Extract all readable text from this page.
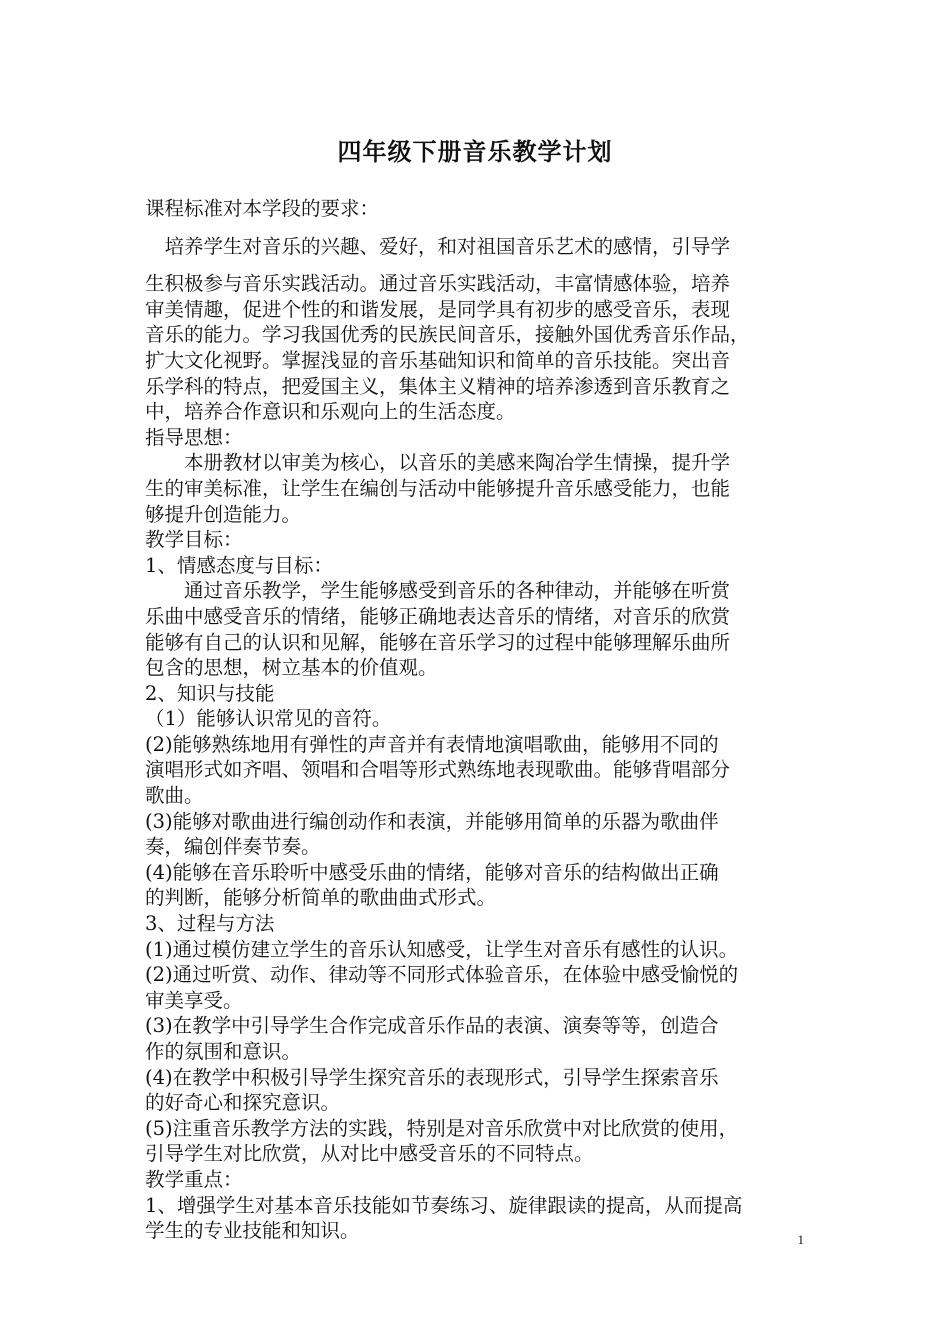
四年级下册音乐教学计划

课程标准对本学段的要求：

　培养学生对音乐的兴趣、爱好，和对祖国音乐艺术的感情，引导学

生积极参与音乐实践活动。通过音乐实践活动，丰富情感体验，培养

审美情趣，促进个性的和谐发展，是同学具有初步的感受音乐，表现

音乐的能力。学习我国优秀的民族民间音乐，接触外国优秀音乐作品，

扩大文化视野。掌握浅显的音乐基础知识和简单的音乐技能。突出音

乐学科的特点，把爱国主义，集体主义精神的培养渗透到音乐教育之

中，培养合作意识和乐观向上的生活态度。

指导思想：

　　本册教材以审美为核心，以音乐的美感来陶冶学生情操，提升学

生的审美标准，让学生在编创与活动中能够提升音乐感受能力，也能

够提升创造能力。

教学目标：

1、情感态度与目标：

　　通过音乐教学，学生能够感受到音乐的各种律动，并能够在听赏

乐曲中感受音乐的情绪，能够正确地表达音乐的情绪，对音乐的欣赏

能够有自己的认识和见解，能够在音乐学习的过程中能够理解乐曲所

包含的思想，树立基本的价值观。

2、知识与技能

（1）能够认识常见的音符。

(2)能够熟练地用有弹性的声音并有表情地演唱歌曲，能够用不同的

演唱形式如齐唱、领唱和合唱等形式熟练地表现歌曲。能够背唱部分

歌曲。

(3)能够对歌曲进行编创动作和表演，并能够用简单的乐器为歌曲伴

奏，编创伴奏节奏。

(4)能够在音乐聆听中感受乐曲的情绪，能够对音乐的结构做出正确

的判断，能够分析简单的歌曲曲式形式。

3、过程与方法

(1)通过模仿建立学生的音乐认知感受，让学生对音乐有感性的认识。

(2)通过听赏、动作、律动等不同形式体验音乐，在体验中感受愉悦的

审美享受。

(3)在教学中引导学生合作完成音乐作品的表演、演奏等等，创造合

作的氛围和意识。

(4)在教学中积极引导学生探究音乐的表现形式，引导学生探索音乐

的好奇心和探究意识。

(5)注重音乐教学方法的实践，特别是对音乐欣赏中对比欣赏的使用，

引导学生对比欣赏，从对比中感受音乐的不同特点。

教学重点：

1、增强学生对基本音乐技能如节奏练习、旋律跟读的提高，从而提高

学生的专业技能和知识。	1
